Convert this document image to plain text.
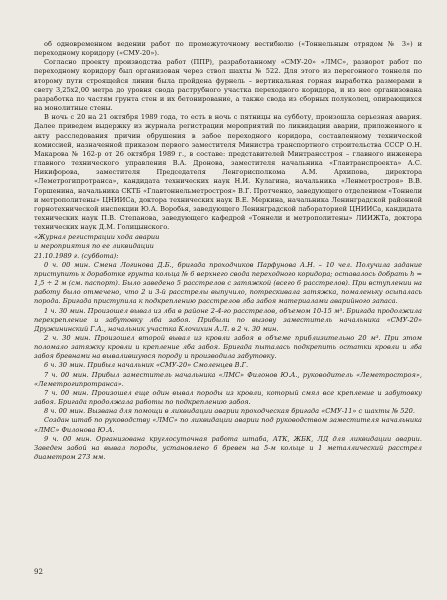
об одновременном ведении работ по промежуточному вестибюлю («Тоннельным отрядом № 3») и переходному коридору («СМУ-20»).

Согласно проекту производства работ (ППР), разработанному «СМУ-20» «ЛМС», разворот работ по переходному коридору был организован через ствол шахты № 522. Для этого из перегонного тоннеля по второму пути строящейся линии была пройдена фурнель – вертикальная горная выработка размерами в свету 3,25х2,00 метра до уровня свода раструбного участка переходного коридора, и из нее организована разработка по частям грунта стен и их бетонирование, а также свода из сборных полуколец, опирающихся на монолитные стены.

В ночь с 20 на 21 октября 1989 года, то есть в ночь с пятницы на субботу, произошла серьезная авария. Далее приведем выдержку из журнала регистрации мероприятий по ликвидации аварии, приложенного к акту расследования причин обрушения в забое переходного коридора, составленному технической комиссией, назначенной приказом первого заместителя Министра транспортного строительства СССР О.Н. Макарова № 162-р от 26 октября 1989 г., в составе: представителей Минтрансстроя – главного инженера главного технического управления В.А. Дронова, заместителя начальника «Главтранспроекта» А.С. Никифорова, заместителя Председателя Ленгорисполкома А.М. Архипова, директора «Леметрогипротранса», кандидата технических наук Н.И. Кулагина, начальника «Ленметростроя» В.В. Горшенина, начальника СКТБ «Главтоннельметростроя» В.Г. Протченко, заведующего отделением «Тоннели и метрополитены» ЦНИИСа, доктора технических наук В.Е. Меркина, начальника Ленинградской районной горнотехнической инспекции Ю.А. Воробья, заведующего Ленинградской лабораторией ЦНИИСа, кандидата технических наук П.В. Степанова, заведующего кафедрой «Тоннели и метрополитены» ЛИИЖТа, доктора технических наук Д.М. Голицынского.

«Журнал регистрации хода аварии

и мероприятия по ее ликвидации

21.10.1989 г. (суббота):

0 ч. 00 мин. Смена Логинова Д.Б., бригада проходчиков Парфунова А.Н. – 10 чел. Получила задание приступить к доработке грунта кольца № 6 верхнего свода переходного коридора; оставалось добрать h = 1,5 ÷ 2 м (см. паспорт). Было заведено 5 расстрелов с затяжкой (всего 6 расстрелов). При вступлении на работу было отмечено, что 2 и 3-й расстрелы выпучило, потрескивала затяжка, помаленьку осыпалась порода. Бригада приступила к подкреплению расстрелов лба забоя материалами аварийного запаса.

1 ч. 30 мин. Произошел вывал из лба в районе 2-4-го расстрелов, объемом 10-15 м³. Бригада продолжила перекрепление и забутовку лба забоя. Прибыли по вызову заместитель начальника «СМУ-20» Дружининский Г.А., начальник участка Клочихин А.Л. в 2 ч. 30 мин.

2 ч. 30 мин. Произошел второй вывал из кровли забоя в объеме приблизительно 20 м³. При этом поломало затяжку кровли и крепление лба забоя. Бригада пыталась подкрепить остатки кровли и лба забоя бревнами на вывалившуюся породу и производила забутовку.

6 ч. 30 мин. Прибыл начальник «СМУ-20» Смоленцев В.Г.

7 ч. 00 мин. Прибыл заместитель начальника «ЛМС» Филонов Ю.А., руководитель «Леметростроя», «Леметрогипротранса».

7 ч. 00 мин. Произошел еще один вывал породы из кровли, который смял все крепление и забутовку забоя. Бригада продолжала работы по подкреплению забоя.

8 ч. 00 мин. Вызвана для помощи в ликвидации аварии проходческая бригада «СМУ-11» с шахты № 520.

Создан штаб по руководству «ЛМС» по ликвидации аварии под руководством заместителя начальника «ЛМС» Филонова Ю.А.

9 ч. 00 мин. Организована круглосуточная работа штаба, АТК, ЖБК, ЛД для ликвидации аварии. Заведен забой на вывал породы, установлено 6 бревен на 5-м кольце и 1 металлический расстрел диаметром 273 мм.

92
